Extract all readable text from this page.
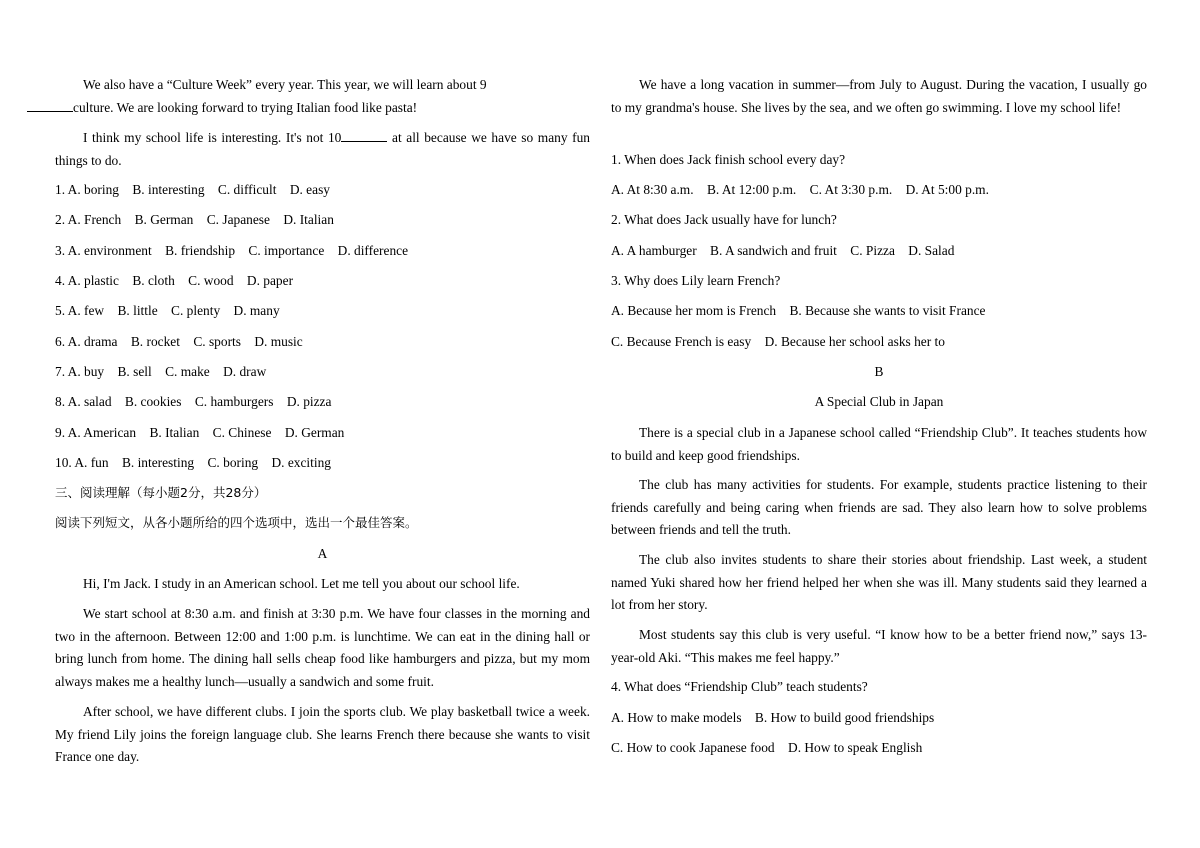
We also have a “Culture Week” every year. This year, we will learn about 9
culture. We are looking forward to trying Italian food like pasta!
I think my school life is interesting. It's not 10	at all because we have so many fun things to do.
1. A. boring    B. interesting    C. difficult    D. easy
2. A. French    B. German    C. Japanese    D. Italian
3. A. environment    B. friendship    C. importance    D. difference
4. A. plastic    B. cloth    C. wood    D. paper
5. A. few    B. little    C. plenty    D. many
6. A. drama    B. rocket    C. sports    D. music
7. A. buy    B. sell    C. make    D. draw
8. A. salad    B. cookies    C. hamburgers    D. pizza
9. A. American    B. Italian    C. Chinese    D. German
10. A. fun    B. interesting    C. boring    D. exciting
三、阅读理解（每小题2分，共28分）
阅读下列短文，从各小题所给的四个选项中，选出一个最佳答案。
A
Hi, I'm Jack. I study in an American school. Let me tell you about our school life.
We start school at 8:30 a.m. and finish at 3:30 p.m. We have four classes in the morning and two in the afternoon. Between 12:00 and 1:00 p.m. is lunchtime. We can eat in the dining hall or bring lunch from home. The dining hall sells cheap food like hamburgers and pizza, but my mom always makes me a healthy lunch—usually a sandwich and some fruit.
After school, we have different clubs. I join the sports club. We play basketball twice a week. My friend Lily joins the foreign language club. She learns French there because she wants to visit France one day.
We have a long vacation in summer—from July to August. During the vacation, I usually go to my grandma's house. She lives by the sea, and we often go swimming. I love my school life!
1. When does Jack finish school every day?
A. At 8:30 a.m.    B. At 12:00 p.m.    C. At 3:30 p.m.    D. At 5:00 p.m.
2. What does Jack usually have for lunch?
A. A hamburger    B. A sandwich and fruit    C. Pizza    D. Salad
3. Why does Lily learn French?
A. Because her mom is French    B. Because she wants to visit France
C. Because French is easy    D. Because her school asks her to
B
A Special Club in Japan
There is a special club in a Japanese school called “Friendship Club”. It teaches students how to build and keep good friendships.
The club has many activities for students. For example, students practice listening to their friends carefully and being caring when friends are sad. They also learn how to solve problems between friends and tell the truth.
The club also invites students to share their stories about friendship. Last week, a student named Yuki shared how her friend helped her when she was ill. Many students said they learned a lot from her story.
Most students say this club is very useful. “I know how to be a better friend now,” says 13-year-old Aki. “This makes me feel happy.”
4. What does “Friendship Club” teach students?
A. How to make models    B. How to build good friendships
C. How to cook Japanese food    D. How to speak English
